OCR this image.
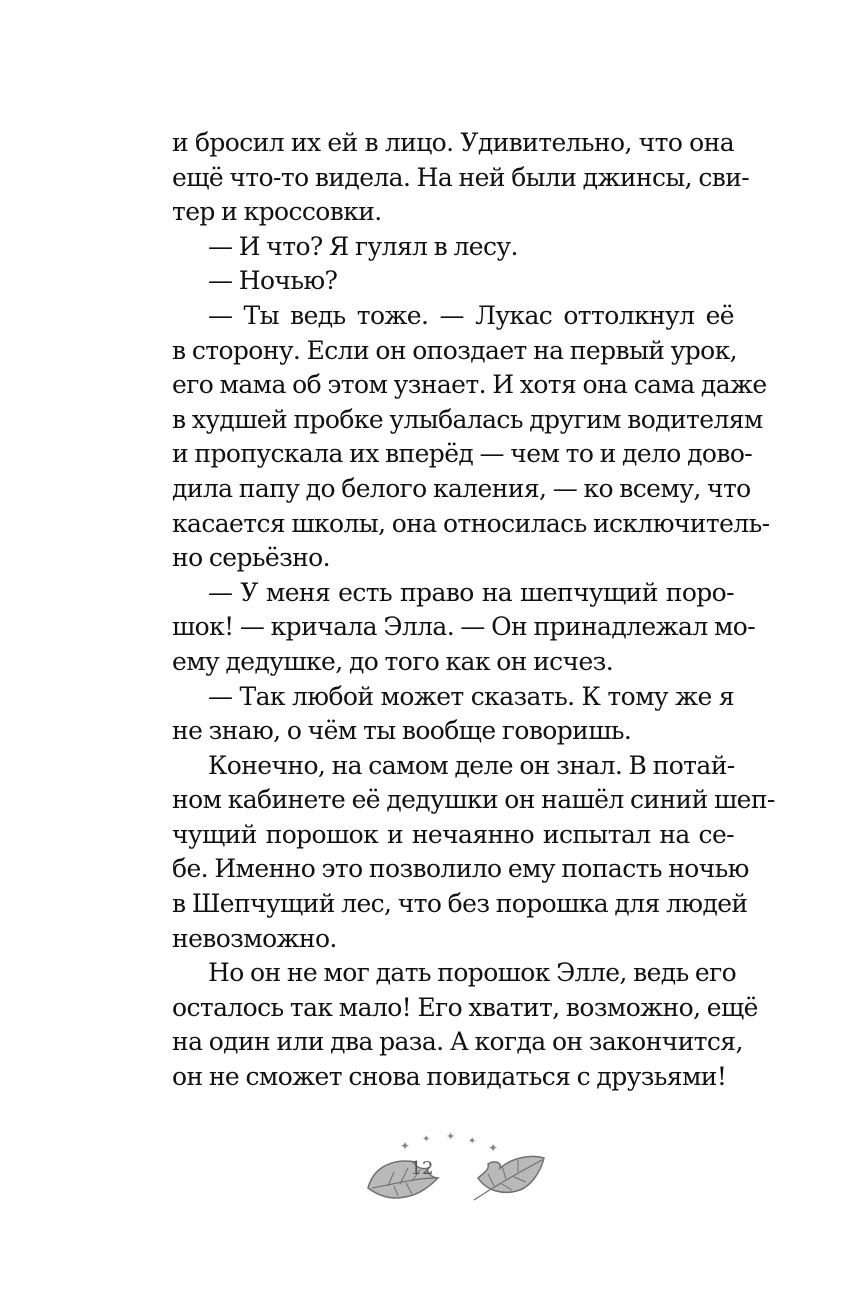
и бросил их ей в лицо. Удивительно, что она
ещё что-то видела. На ней были джинсы, сви-
тер и кроссовки.
— И что? Я гулял в лесу.
— Ночью?
— Ты ведь тоже. — Лукас оттолкнул её
в сторону. Если он опоздает на первый урок,
его мама об этом узнает. И хотя она сама даже
в худшей пробке улыбалась другим водителям
и пропускала их вперёд — чем то и дело дово-
дила папу до белого каления, — ко всему, что
касается школы, она относилась исключитель-
но серьёзно.
— У меня есть право на шепчущий поро-
шок! — кричала Элла. — Он принадлежал мо-
ему дедушке, до того как он исчез.
— Так любой может сказать. К тому же я
не знаю, о чём ты вообще говоришь.
Конечно, на самом деле он знал. В потай-
ном кабинете её дедушки он нашёл синий шеп-
чущий порошок и нечаянно испытал на се-
бе. Именно это позволило ему попасть ночью
в Шепчущий лес, что без порошка для людей
невозможно.
Но он не мог дать порошок Элле, ведь его
осталось так мало! Его хватит, возможно, ещё
на один или два раза. А когда он закончится,
он не сможет снова повидаться с друзьями!
✦ ✦ ✦ ✦ ✦
12
